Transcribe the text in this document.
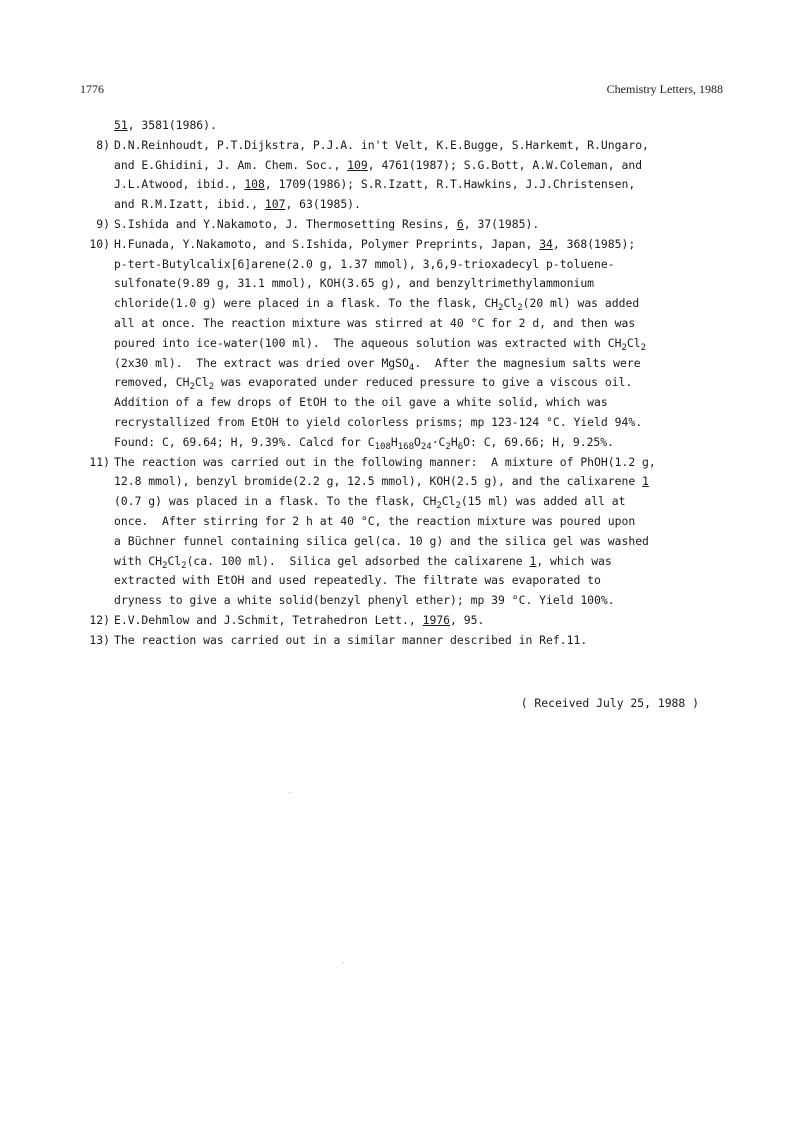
1776	Chemistry Letters, 1988
51, 3581(1986).
8) D.N.Reinhoudt, P.T.Dijkstra, P.J.A. in't Velt, K.E.Bugge, S.Harkemt, R.Ungaro,
and E.Ghidini, J. Am. Chem. Soc., 109, 4761(1987); S.G.Bott, A.W.Coleman, and
J.L.Atwood, ibid., 108, 1709(1986); S.R.Izatt, R.T.Hawkins, J.J.Christensen,
and R.M.Izatt, ibid., 107, 63(1985).
9) S.Ishida and Y.Nakamoto, J. Thermosetting Resins, 6, 37(1985).
10) H.Funada, Y.Nakamoto, and S.Ishida, Polymer Preprints, Japan, 34, 368(1985);
p-tert-Butylcalix[6]arene(2.0 g, 1.37 mmol), 3,6,9-trioxadecyl p-toluene-
sulfonate(9.89 g, 31.1 mmol), KOH(3.65 g), and benzyltrimethylammonium
chloride(1.0 g) were placed in a flask. To the flask, $CH_2Cl_2(20$ ml) was added
all at once. The reaction mixture was stirred at 40 °C for 2 d, and then was
poured into ice-water(100 ml).  The aqueous solution was extracted with $CH_2Cl_2$
(2x30 ml).  The extract was dried over MgSO$_4$.  After the magnesium salts were
removed, $CH_2Cl_2$ was evaporated under reduced pressure to give a viscous oil.
Addition of a few drops of EtOH to the oil gave a white solid, which was
recrystallized from EtOH to yield colorless prisms; mp 123-124 °C. Yield 94%.
Found: C, 69.64; H, 9.39%. Calcd for $C_{108}H_{168}O_{24}\cdot C_2H_6O$: C, 69.66; H, 9.25%.
11) The reaction was carried out in the following manner:  A mixture of PhOH(1.2 g,
12.8 mmol), benzyl bromide(2.2 g, 12.5 mmol), KOH(2.5 g), and the calixarene 1
(0.7 g) was placed in a flask. To the flask, $CH_2Cl_2(15$ ml) was added all at
once.  After stirring for 2 h at 40 °C, the reaction mixture was poured upon
a Büchner funnel containing silica gel(ca. 10 g) and the silica gel was washed
with $CH_2Cl_2(ca$. 100 ml).  Silica gel adsorbed the calixarene 1, which was
extracted with EtOH and used repeatedly. The filtrate was evaporated to
dryness to give a white solid(benzyl phenyl ether); mp 39 °C. Yield 100%.
12) E.V.Dehmlow and J.Schmit, Tetrahedron Lett., 1976, 95.
13) The reaction was carried out in a similar manner described in Ref.11.
( Received July 25, 1988 )
